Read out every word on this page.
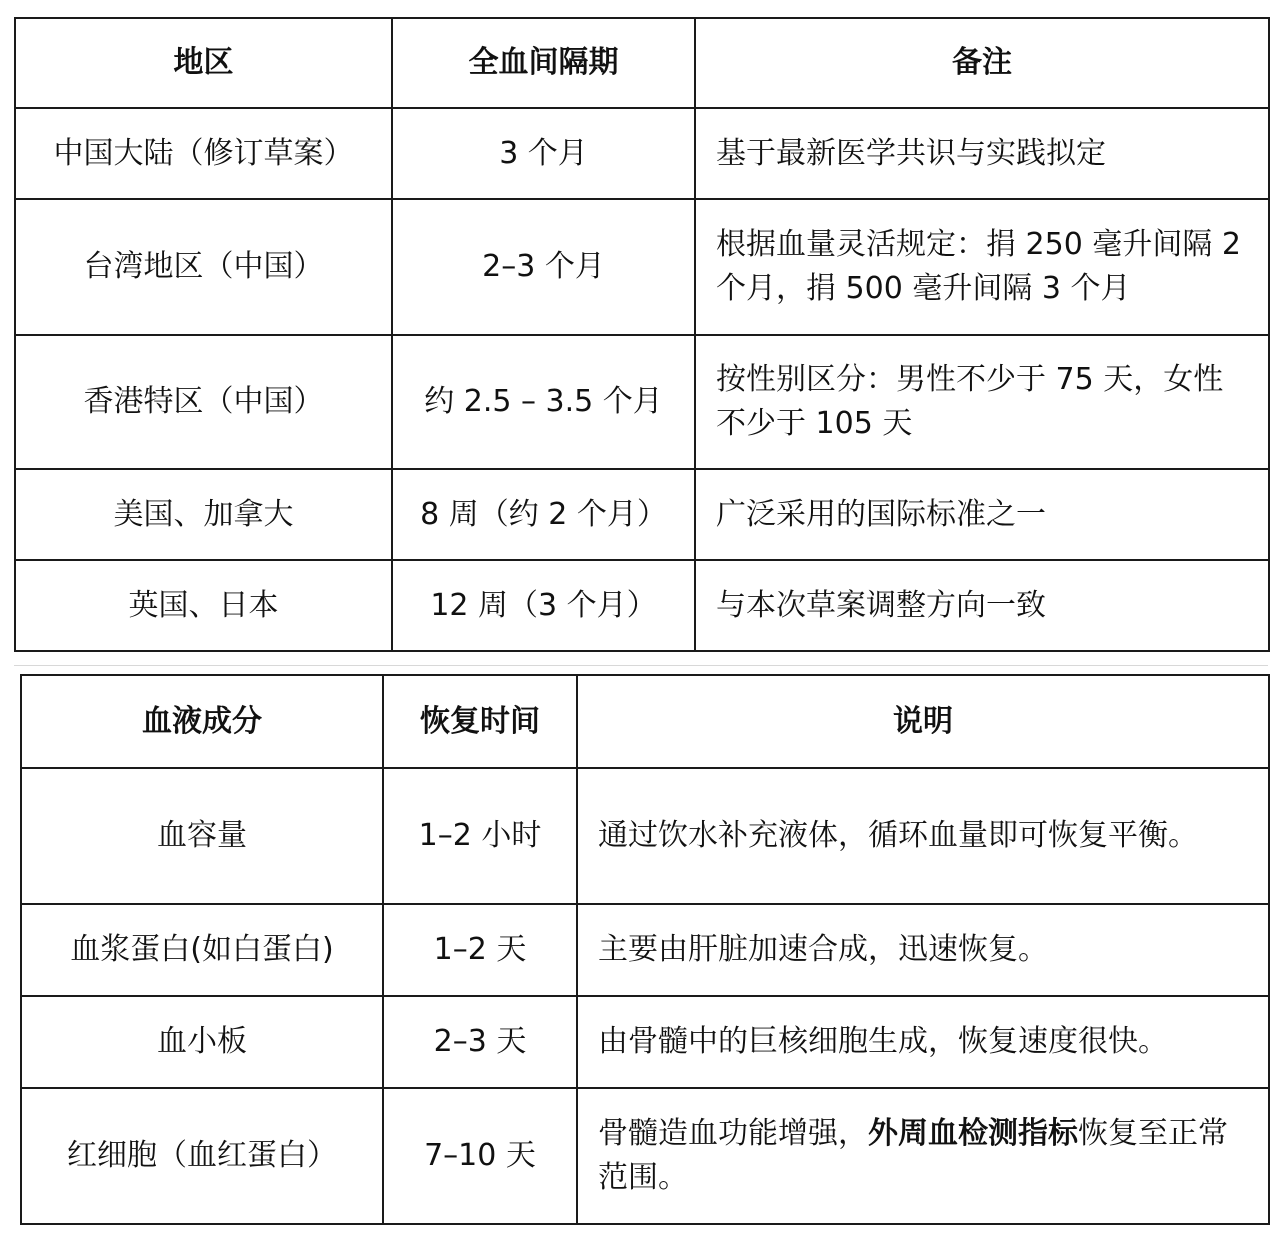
地区	全血间隔期	备注
中国大陆（修订草案）	3 个月	基于最新医学共识与实践拟定
台湾地区（中国）	2–3 个月	根据血量灵活规定：捐 250 毫升间隔 2 个月，捐 500 毫升间隔 3 个月
香港特区（中国）	约 2.5 – 3.5 个月	按性别区分：男性不少于 75 天，女性不少于 105 天
美国、加拿大	8 周（约 2 个月）	广泛采用的国际标准之一
英国、日本	12 周（3 个月）	与本次草案调整方向一致
血液成分	恢复时间	说明
血容量	1–2 小时	通过饮水补充液体，循环血量即可恢复平衡。
血浆蛋白(如白蛋白)	1–2 天	主要由肝脏加速合成，迅速恢复。
血小板	2–3 天	由骨髓中的巨核细胞生成，恢复速度很快。
红细胞（血红蛋白）	7–10 天	骨髓造血功能增强，外周血检测指标恢复至正常范围。
